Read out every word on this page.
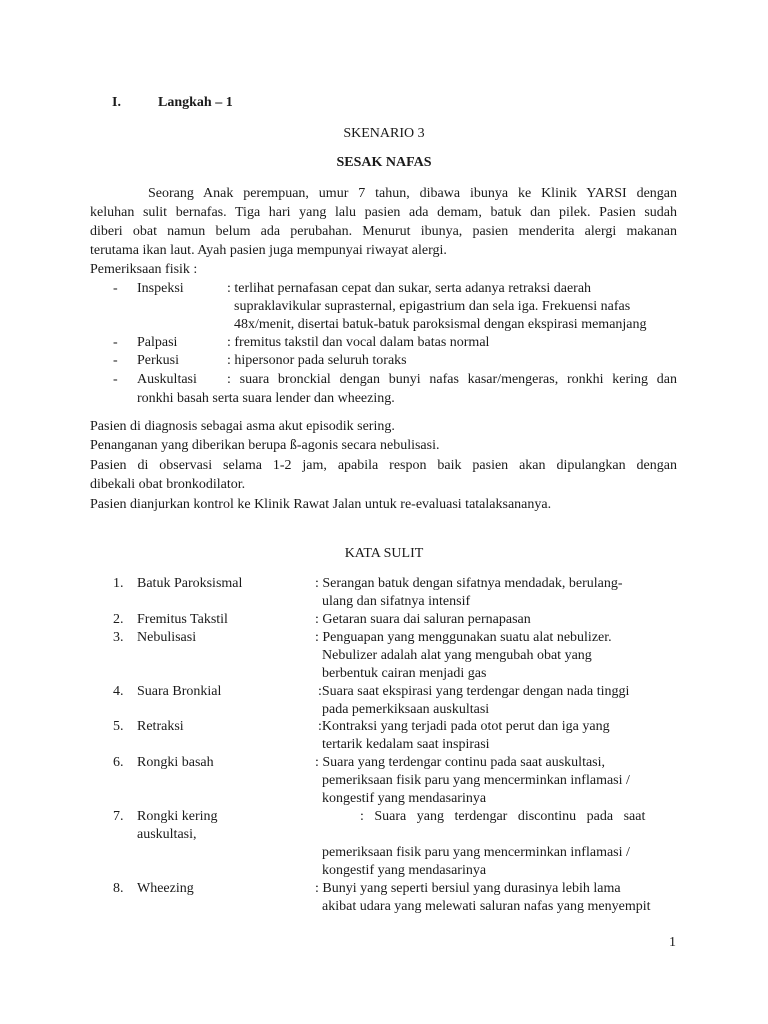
I.	Langkah – 1
SKENARIO 3
SESAK NAFAS
Seorang Anak perempuan, umur 7 tahun, dibawa ibunya ke Klinik YARSI dengan
keluhan sulit bernafas. Tiga hari yang lalu pasien ada demam, batuk dan pilek. Pasien sudah
diberi obat namun belum ada perubahan. Menurut ibunya, pasien menderita alergi makanan
terutama ikan laut. Ayah pasien juga mempunyai riwayat alergi.
Pemeriksaan fisik :
- Inspeksi	: terlihat pernafasan cepat dan sukar, serta adanya retraksi daerah
supraklavikular suprasternal, epigastrium dan sela iga. Frekuensi nafas
48x/menit, disertai batuk-batuk paroksismal dengan ekspirasi memanjang
- Palpasi	: fremitus takstil dan vocal dalam batas normal
- Perkusi	: hipersonor pada seluruh toraks
- Auskultasi : suara bronckial dengan bunyi nafas kasar/mengeras, ronkhi kering dan
ronkhi basah serta suara lender dan wheezing.
Pasien di diagnosis sebagai asma akut episodik sering.
Penanganan yang diberikan berupa ß-agonis secara nebulisasi.
Pasien di observasi selama 1-2 jam, apabila respon baik pasien akan dipulangkan dengan
dibekali obat bronkodilator.
Pasien dianjurkan kontrol ke Klinik Rawat Jalan untuk re-evaluasi tatalaksananya.
KATA SULIT
1. Batuk Paroksismal	: Serangan batuk dengan sifatnya mendadak, berulang-
ulang dan sifatnya intensif
2. Fremitus Takstil	: Getaran suara dai saluran pernapasan
3. Nebulisasi	: Penguapan yang menggunakan suatu alat nebulizer.
Nebulizer adalah alat yang mengubah obat yang
berbentuk cairan menjadi gas
4. Suara Bronkial	:Suara saat ekspirasi yang terdengar dengan nada tinggi
pada pemerkiksaan auskultasi
5. Retraksi	:Kontraksi yang terjadi pada otot perut dan iga yang
tertarik kedalam saat inspirasi
6. Rongki basah	: Suara yang terdengar continu pada saat auskultasi,
pemeriksaan fisik paru yang mencerminkan inflamasi /
kongestif yang mendasarinya
7. Rongki kering
auskultasi,
:   Suara   yang   terdengar   discontinu   pada   saat
pemeriksaan fisik paru yang mencerminkan inflamasi /
kongestif yang mendasarinya
8. Wheezing	: Bunyi yang seperti bersiul yang durasinya lebih lama
akibat udara yang melewati saluran nafas yang menyempit
1
